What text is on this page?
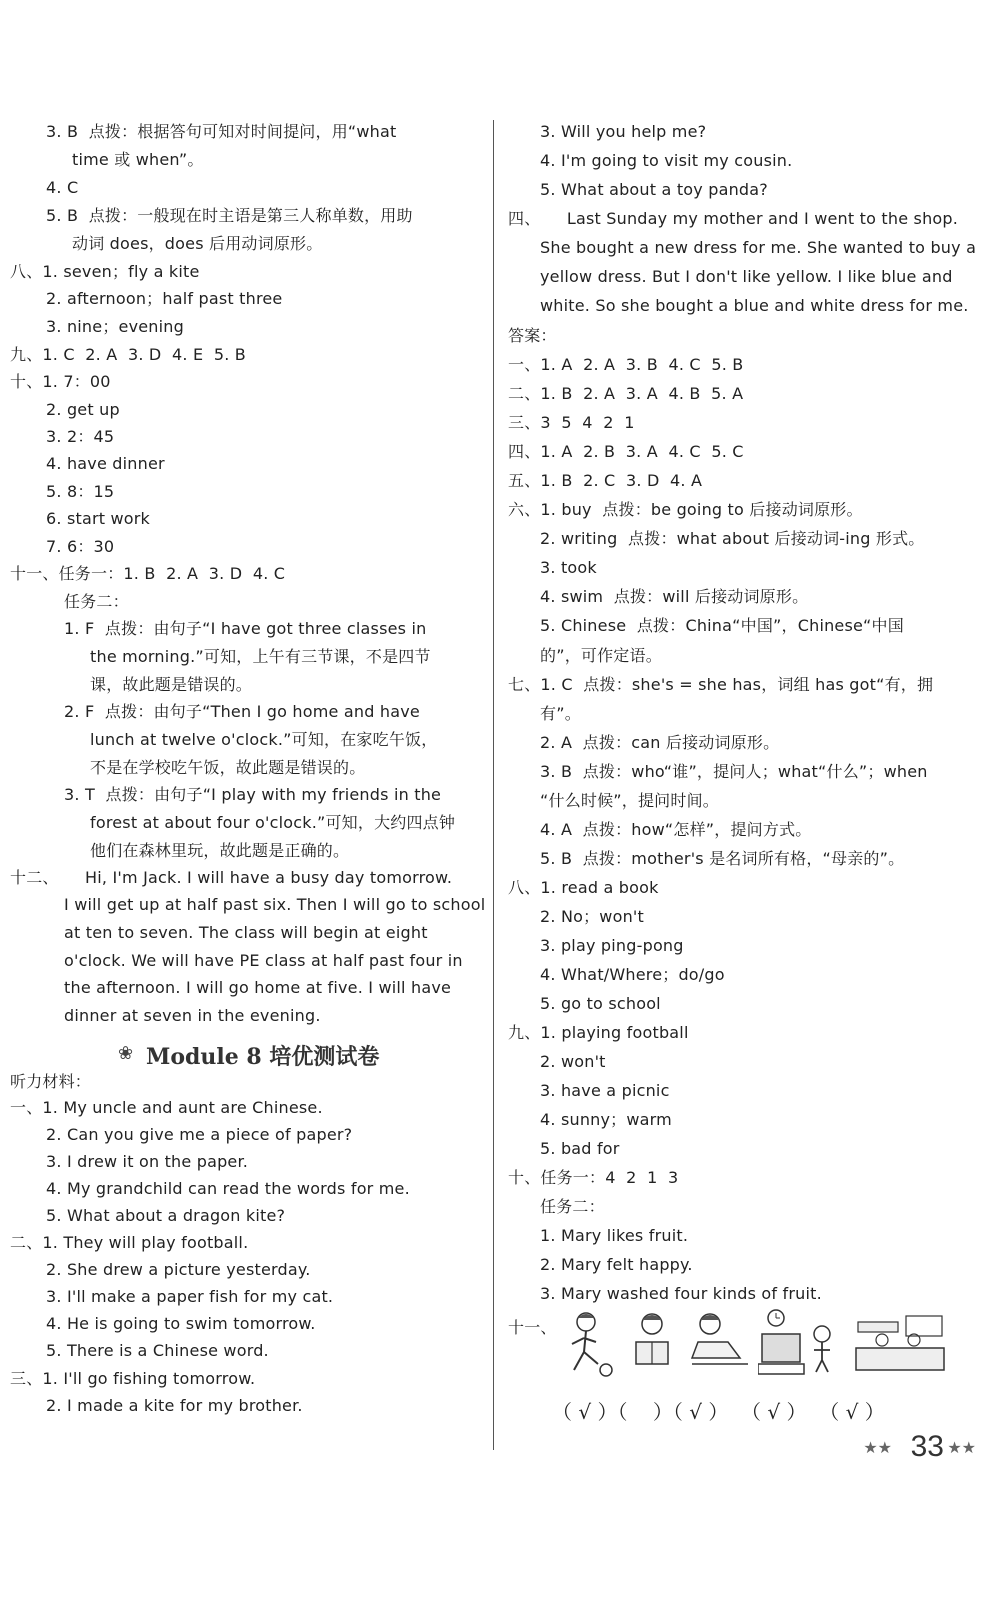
3. B  点拨：根据答句可知对时间提问，用“what
time 或 when”。
4. C
5. B  点拨：一般现在时主语是第三人称单数，用助
动词 does，does 后用动词原形。
八、1. seven；fly a kite
2. afternoon；half past three
3. nine；evening
九、1. C  2. A  3. D  4. E  5. B
十、1. 7：00
2. get up
3. 2：45
4. have dinner
5. 8：15
6. start work
7. 6：30
十一、任务一：1. B  2. A  3. D  4. C
任务二：
1. F  点拨：由句子“I have got three classes in
the morning.”可知，上午有三节课，不是四节
课，故此题是错误的。
2. F  点拨：由句子“Then I go home and have
lunch at twelve o'clock.”可知，在家吃午饭，
不是在学校吃午饭，故此题是错误的。
3. T  点拨：由句子“I play with my friends in the
forest at about four o'clock.”可知，大约四点钟
他们在森林里玩，故此题是正确的。
十二、     Hi, I'm Jack. I will have a busy day tomorrow.
I will get up at half past six. Then I will go to school
at ten to seven. The class will begin at eight
o'clock. We will have PE class at half past four in
the afternoon. I will go home at five. I will have
dinner at seven in the evening.
❀ Module 8 培优测试卷
听力材料：
一、1. My uncle and aunt are Chinese.
2. Can you give me a piece of paper?
3. I drew it on the paper.
4. My grandchild can read the words for me.
5. What about a dragon kite?
二、1. They will play football.
2. She drew a picture yesterday.
3. I'll make a paper fish for my cat.
4. He is going to swim tomorrow.
5. There is a Chinese word.
三、1. I'll go fishing tomorrow.
2. I made a kite for my brother.
3. Will you help me?
4. I'm going to visit my cousin.
5. What about a toy panda?
四、     Last Sunday my mother and I went to the shop.
She bought a new dress for me. She wanted to buy a
yellow dress. But I don't like yellow. I like blue and
white. So she bought a blue and white dress for me.
答案：
一、1. A  2. A  3. B  4. C  5. B
二、1. B  2. A  3. A  4. B  5. A
三、3  5  4  2  1
四、1. A  2. B  3. A  4. C  5. C
五、1. B  2. C  3. D  4. A
六、1. buy  点拨：be going to 后接动词原形。
2. writing  点拨：what about 后接动词-ing 形式。
3. took
4. swim  点拨：will 后接动词原形。
5. Chinese  点拨：China“中国”，Chinese“中国
的”，可作定语。
七、1. C  点拨：she's = she has，词组 has got“有，拥
有”。
2. A  点拨：can 后接动词原形。
3. B  点拨：who“谁”，提问人；what“什么”；when
“什么时候”，提问时间。
4. A  点拨：how“怎样”，提问方式。
5. B  点拨：mother's 是名词所有格，“母亲的”。
八、1. read a book
2. No；won't
3. play ping-pong
4. What/Where；do/go
5. go to school
九、1. playing football
2. won't
3. have a picnic
4. sunny；warm
5. bad for
十、任务一：4  2  1  3
任务二：
1. Mary likes fruit.
2. Mary felt happy.
3. Mary washed four kinds of fruit.
十一、
（ √ ）（    ）（ √ ）  （ √ ）  （ √ ）
★★ 33 ★★
